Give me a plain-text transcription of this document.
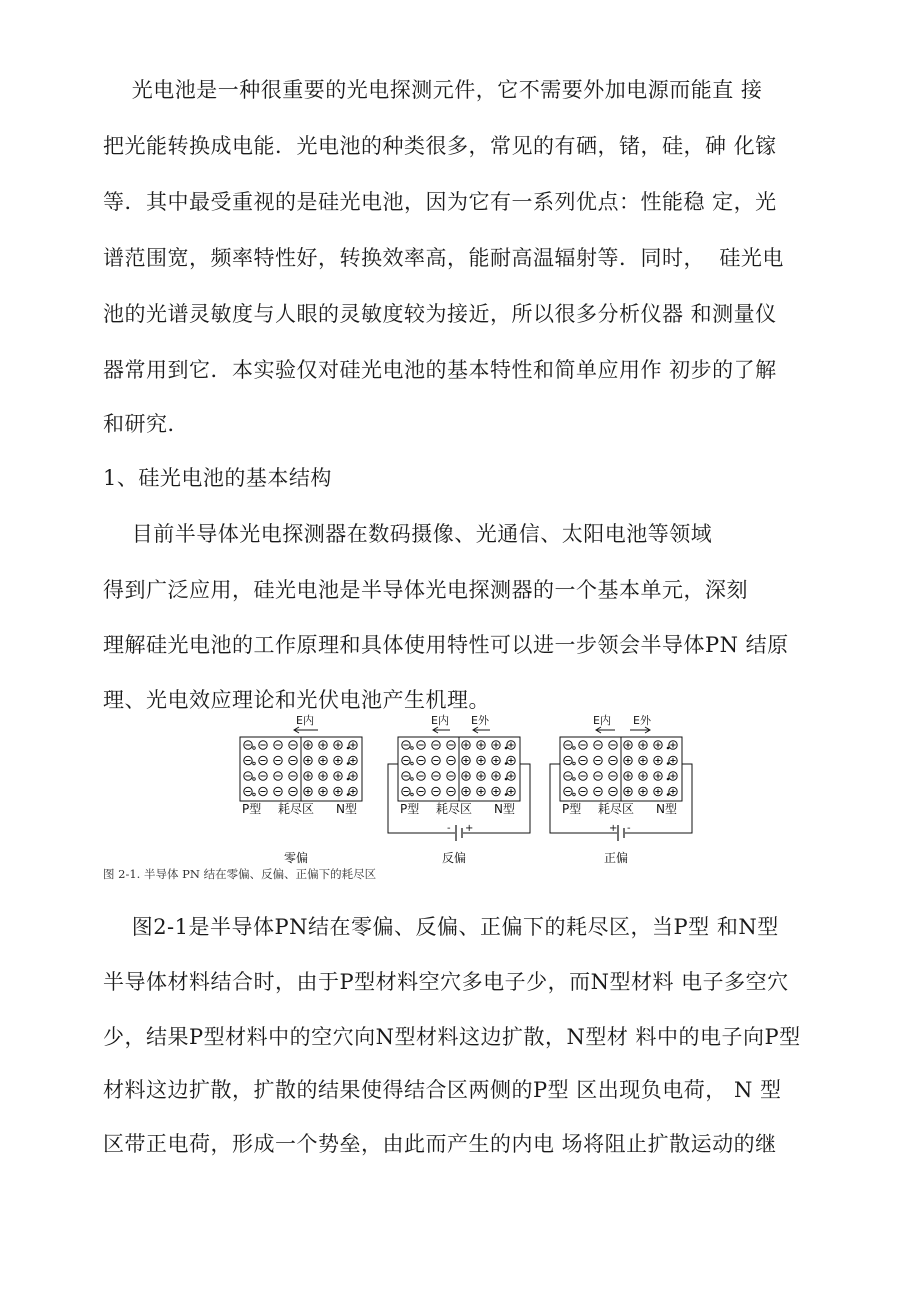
光电池是一种很重要的光电探测元件，它不需要外加电源而能直 接
把光能转换成电能．光电池的种类很多，常见的有硒，锗，硅，砷 化镓
等．其中最受重视的是硅光电池，因为它有一系列优点：性能稳 定，光
谱范围宽，频率特性好，转换效率高，能耐高温辐射等．同时，  硅光电
池的光谱灵敏度与人眼的灵敏度较为接近，所以很多分析仪器 和测量仪
器常用到它．本实验仅对硅光电池的基本特性和简单应用作 初步的了解
和研究．
1、硅光电池的基本结构
目前半导体光电探测器在数码摄像、光通信、太阳电池等领域
得到广泛应用，硅光电池是半导体光电探测器的一个基本单元，深刻
理解硅光电池的工作原理和具体使用特性可以进一步领会半导体PN 结原
理、光电效应理论和光伏电池产生机理。
E内
P型 耗尽区 N型
零偏
E内 E外
P型 耗尽区 N型
- +
反偏
E内 E外
P型 耗尽区 N型
+ -
正偏
图 2-1. 半导体 PN 结在零偏、反偏、正偏下的耗尽区
图2-1是半导体PN结在零偏、反偏、正偏下的耗尽区，当P型 和N型
半导体材料结合时，由于P型材料空穴多电子少，而N型材料 电子多空穴
少，结果P型材料中的空穴向N型材料这边扩散，N型材 料中的电子向P型
材料这边扩散，扩散的结果使得结合区两侧的P型 区出现负电荷， N 型
区带正电荷，形成一个势垒，由此而产生的内电 场将阻止扩散运动的继
